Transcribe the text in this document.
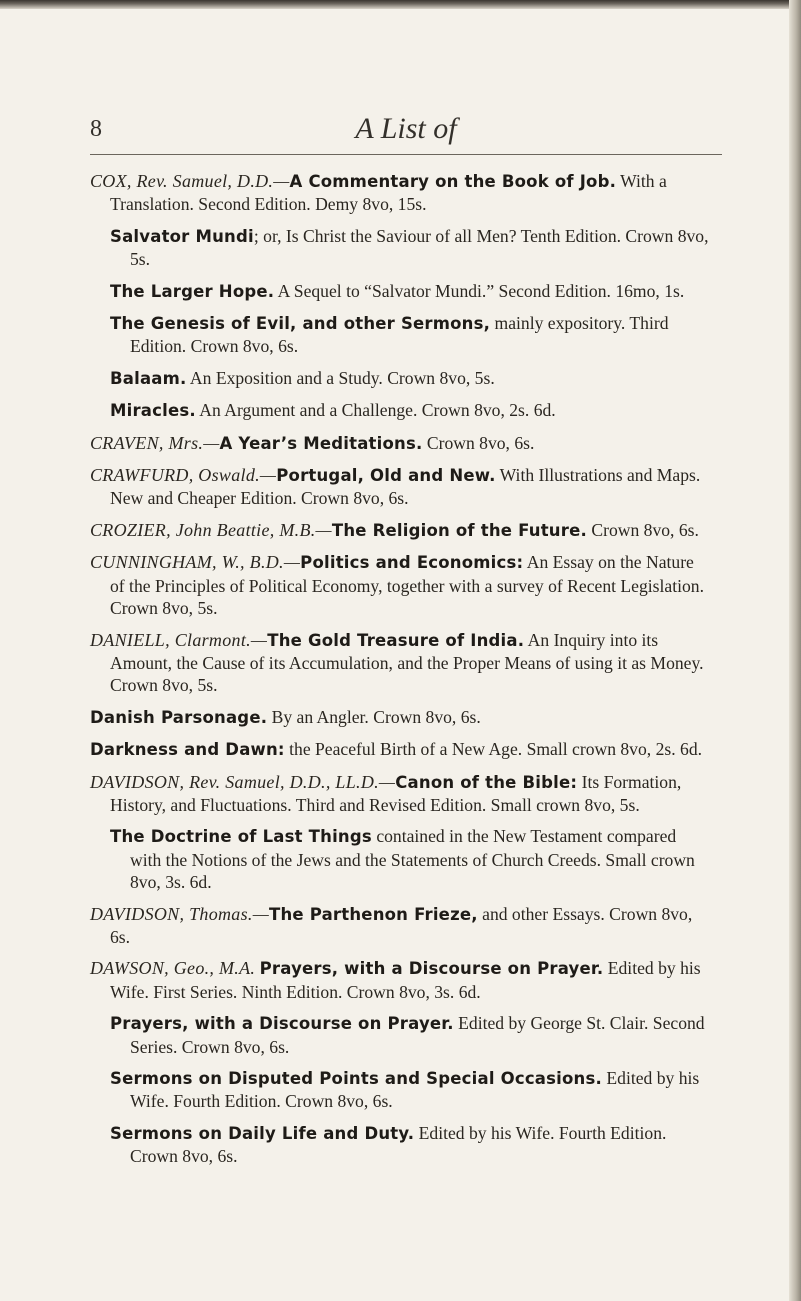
8	A List of

COX, Rev. Samuel, D.D.—A Commentary on the Book of Job. With a Translation. Second Edition. Demy 8vo, 15s.

Salvator Mundi; or, Is Christ the Saviour of all Men? Tenth Edition. Crown 8vo, 5s.

The Larger Hope. A Sequel to “Salvator Mundi.” Second Edition. 16mo, 1s.

The Genesis of Evil, and other Sermons, mainly expository. Third Edition. Crown 8vo, 6s.

Balaam. An Exposition and a Study. Crown 8vo, 5s.

Miracles. An Argument and a Challenge. Crown 8vo, 2s. 6d.

CRAVEN, Mrs.—A Year’s Meditations. Crown 8vo, 6s.

CRAWFURD, Oswald.—Portugal, Old and New. With Illustrations and Maps. New and Cheaper Edition. Crown 8vo, 6s.

CROZIER, John Beattie, M.B.—The Religion of the Future. Crown 8vo, 6s.

CUNNINGHAM, W., B.D.—Politics and Economics: An Essay on the Nature of the Principles of Political Economy, together with a survey of Recent Legislation. Crown 8vo, 5s.

DANIELL, Clarmont.—The Gold Treasure of India. An Inquiry into its Amount, the Cause of its Accumulation, and the Proper Means of using it as Money. Crown 8vo, 5s.

Danish Parsonage. By an Angler. Crown 8vo, 6s.

Darkness and Dawn: the Peaceful Birth of a New Age. Small crown 8vo, 2s. 6d.

DAVIDSON, Rev. Samuel, D.D., LL.D.—Canon of the Bible: Its Formation, History, and Fluctuations. Third and Revised Edition. Small crown 8vo, 5s.

The Doctrine of Last Things contained in the New Testament compared with the Notions of the Jews and the Statements of Church Creeds. Small crown 8vo, 3s. 6d.

DAVIDSON, Thomas.—The Parthenon Frieze, and other Essays. Crown 8vo, 6s.

DAWSON, Geo., M.A. Prayers, with a Discourse on Prayer. Edited by his Wife. First Series. Ninth Edition. Crown 8vo, 3s. 6d.

Prayers, with a Discourse on Prayer. Edited by George St. Clair. Second Series. Crown 8vo, 6s.

Sermons on Disputed Points and Special Occasions. Edited by his Wife. Fourth Edition. Crown 8vo, 6s.

Sermons on Daily Life and Duty. Edited by his Wife. Fourth Edition. Crown 8vo, 6s.
